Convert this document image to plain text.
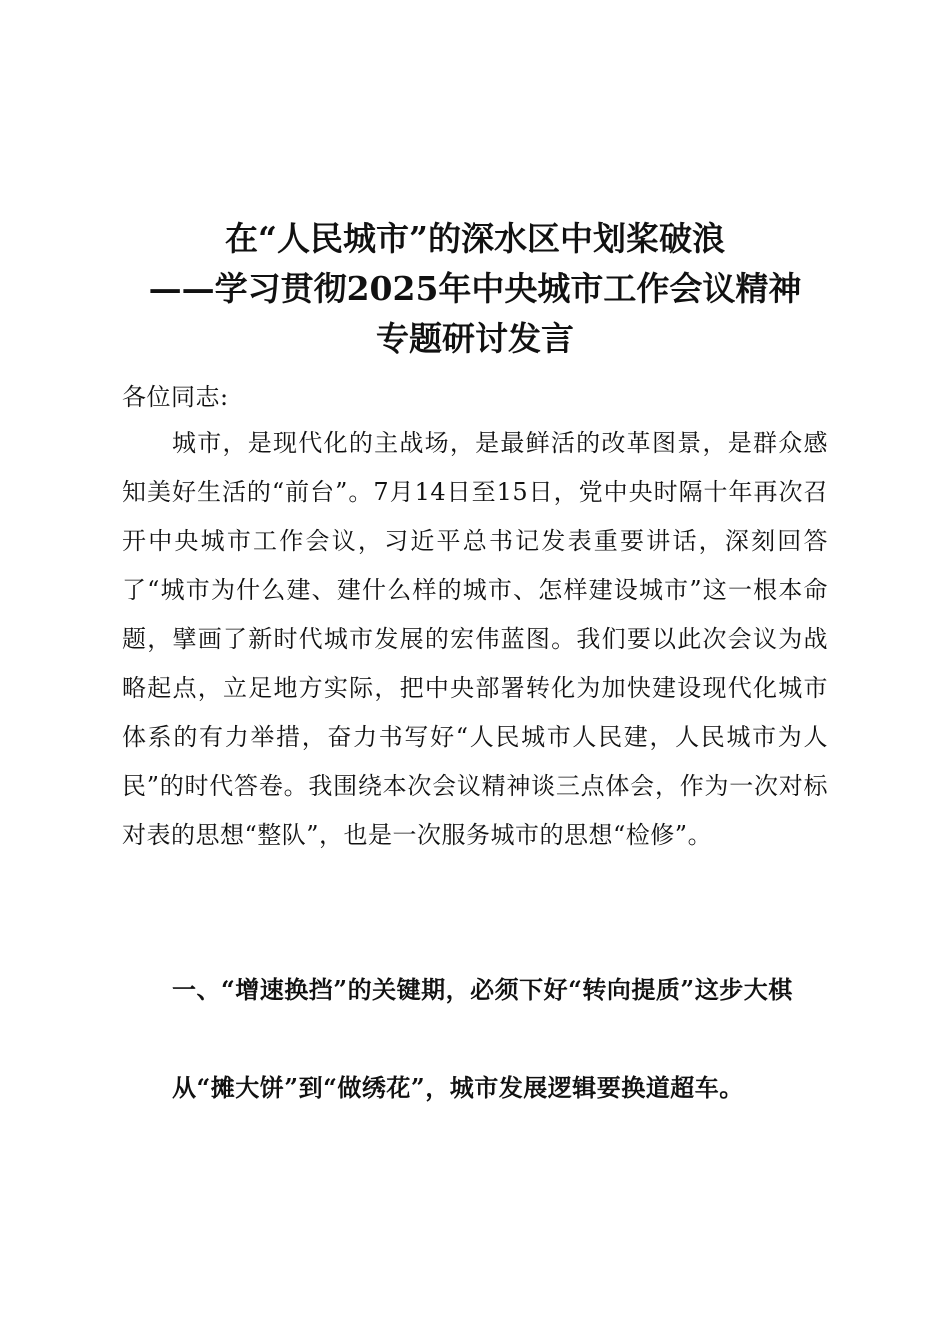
在“人民城市”的深水区中划桨破浪
——学习贯彻2025年中央城市工作会议精神
专题研讨发言
各位同志:
城市，是现代化的主战场，是最鲜活的改革图景，是群众感知美好生活的“前台”。7月14日至15日，党中央时隔十年再次召开中央城市工作会议，习近平总书记发表重要讲话，深刻回答了“城市为什么建、建什么样的城市、怎样建设城市”这一根本命题，擘画了新时代城市发展的宏伟蓝图。我们要以此次会议为战略起点，立足地方实际，把中央部署转化为加快建设现代化城市体系的有力举措，奋力书写好“人民城市人民建，人民城市为人民”的时代答卷。我围绕本次会议精神谈三点体会，作为一次对标对表的思想“整队”，也是一次服务城市的思想“检修”。
一、“增速换挡”的关键期，必须下好“转向提质”这步大棋
从“摊大饼”到“做绣花”，城市发展逻辑要换道超车。
